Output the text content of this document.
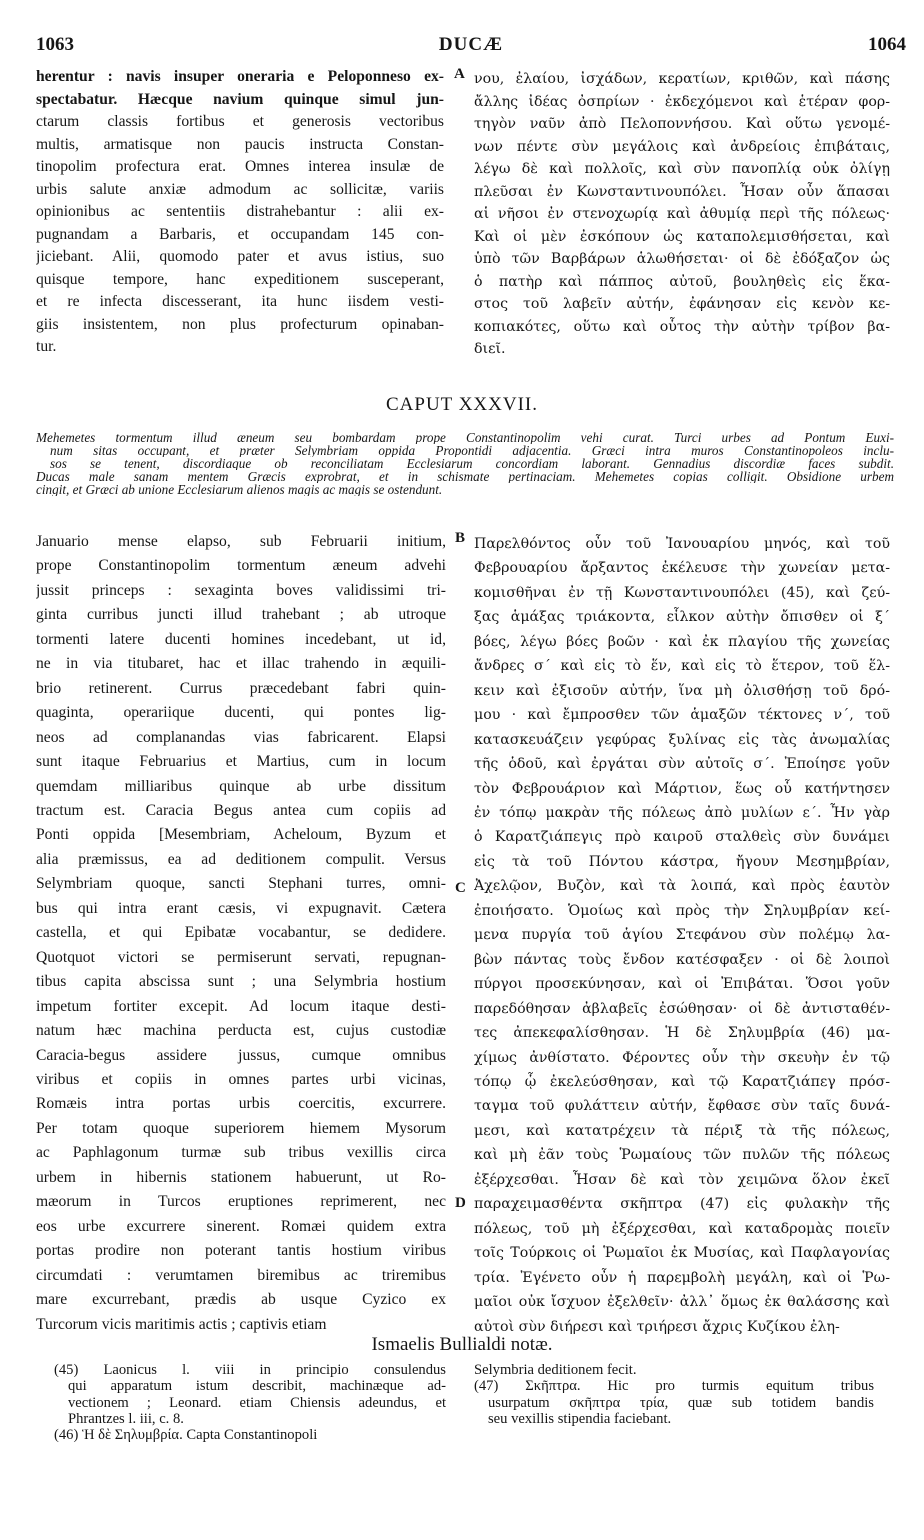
1063	DUCÆ	1064
herentur : navis insuper oneraria e Peloponneso ex-
spectabatur. Hæcque navium quinque simul jun-
ctarum classis fortibus et generosis vectoribus
multis, armatisque non paucis instructa Constan-
tinopolim profectura erat. Omnes interea insulæ de
urbis salute anxiæ admodum ac sollicitæ, variis
opinionibus ac sententiis distrahebantur : alii ex-
pugnandam a Barbaris, et occupandam 145 con-
jiciebant. Alii, quomodo pater et avus istius, suo
quisque tempore, hanc expeditionem susceperant,
et re infecta discesserant, ita hunc iisdem vesti-
giis insistentem, non plus profecturum opinaban-
tur.
A νου, ἐλαίου, ἰσχάδων, κερατίων, κριθῶν, καὶ πάσης
ἄλλης ἰδέας ὀσπρίων · ἐκδεχόμενοι καὶ ἑτέραν φορ-
τηγὸν ναῦν ἀπὸ Πελοποννήσου. Καὶ οὕτω γενομέ-
νων πέντε σὺν μεγάλοις καὶ ἀνδρείοις ἐπιβάταις,
λέγω δὲ καὶ πολλοῖς, καὶ σὺν πανοπλίᾳ οὐκ ὀλίγῃ
πλεῦσαι ἐν Κωνσταντινουπόλει. Ἦσαν οὖν ἅπασαι
αἱ νῆσοι ἐν στενοχωρίᾳ καὶ ἀθυμίᾳ περὶ τῆς πόλεως·
Καὶ οἱ μὲν ἐσκόπουν ὡς καταπολεμισθήσεται, καὶ
ὑπὸ τῶν Βαρβάρων ἁλωθήσεται· οἱ δὲ ἐδόξαζον ὡς
ὁ πατὴρ καὶ πάππος αὐτοῦ, βουληθεὶς εἰς ἕκα-
στος τοῦ λαβεῖν αὐτήν, ἐφάνησαν εἰς κενὸν κε-
κοπιακότες, οὕτω καὶ οὗτος τὴν αὐτὴν τρίβον βα-
διεῖ.
CAPUT XXXVII.
Mehemetes tormentum illud æneum seu bombardam prope Constantinopolim vehi curat. Turci urbes ad Pontum Euxi-
num sitas occupant, et præter Selymbriam oppida Propontidi adjacentia. Græci intra muros Constantinopoleos inclu-
sos se tenent, discordiaque ob reconciliatam Ecclesiarum concordiam laborant. Gennadius discordiæ faces subdit.
Ducas male sanam mentem Græcis exprobrat, et in schismate pertinaciam. Mehemetes copias colligit. Obsidione urbem
cingit, et Græci ab unione Ecclesiarum alienos magis ac magis se ostendunt.
Januario mense elapso, sub Februarii initium,
prope Constantinopolim tormentum æneum advehi
jussit princeps : sexaginta boves validissimi tri-
ginta curribus juncti illud trahebant ; ab utroque
tormenti latere ducenti homines incedebant, ut id,
ne in via titubaret, hac et illac trahendo in æquili-
brio retinerent. Currus præcedebant fabri quin-
quaginta, operariique ducenti, qui pontes lig-
neos ad complanandas vias fabricarent. Elapsi
sunt itaque Februarius et Martius, cum in locum
quemdam milliaribus quinque ab urbe dissitum
tractum est. Caracia Begus antea cum copiis ad
Ponti oppida [Mesembriam, Acheloum, Byzum et
alia præmissus, ea ad deditionem compulit. Versus
Selymbriam quoque, sancti Stephani turres, omni-
bus qui intra erant cæsis, vi expugnavit. Cætera
castella, et qui Epibatæ vocabantur, se dedidere.
Quotquot victori se permiserunt servati, repugnan-
tibus capita abscissa sunt ; una Selymbria hostium
impetum fortiter excepit. Ad locum itaque desti-
natum hæc machina perducta est, cujus custodiæ
Caracia-begus assidere jussus, cumque omnibus
viribus et copiis in omnes partes urbi vicinas,
Romæis intra portas urbis coercitis, excurrere.
Per totam quoque superiorem hiemem Mysorum
ac Paphlagonum turmæ sub tribus vexillis circa
urbem in hibernis stationem habuerunt, ut Ro-
mæorum in Turcos eruptiones reprimerent, nec
eos urbe excurrere sinerent. Romæi quidem extra
portas prodire non poterant tantis hostium viribus
circumdati : verumtamen biremibus ac triremibus
mare excurrebant, prædis ab usque Cyzico ex
Turcorum vicis maritimis actis ; captivis etiam
B
C
D
Παρελθόντος οὖν τοῦ Ἰανουαρίου μηνός, καὶ τοῦ
Φεβρουαρίου ἄρξαντος ἐκέλευσε τὴν χωνείαν μετα-
κομισθῆναι ἐν τῇ Κωνσταντινουπόλει (45), καὶ ζεύ-
ξας ἁμάξας τριάκοντα, εἷλκον αὐτὴν ὄπισθεν οἱ ξ΄
βόες, λέγω βόες βοῶν · καὶ ἐκ πλαγίου τῆς χωνείας
ἄνδρες σ΄ καὶ εἰς τὸ ἕν, καὶ εἰς τὸ ἕτερον, τοῦ ἕλ-
κειν καὶ ἐξισοῦν αὐτήν, ἵνα μὴ ὀλισθήσῃ τοῦ δρό-
μου · καὶ ἔμπροσθεν τῶν ἁμαξῶν τέκτονες ν΄, τοῦ
κατασκευάζειν γεφύρας ξυλίνας εἰς τὰς ἀνωμαλίας
τῆς ὁδοῦ, καὶ ἐργάται σὺν αὐτοῖς σ΄. Ἐποίησε γοῦν
τὸν Φεβρουάριον καὶ Μάρτιον, ἕως οὗ κατήντησεν
ἐν τόπῳ μακρὰν τῆς πόλεως ἀπὸ μυλίων ε΄. Ἦν γὰρ
ὁ Καρατζιάπεγις πρὸ καιροῦ σταλθεὶς σὺν δυνάμει
εἰς τὰ τοῦ Πόντου κάστρα, ἤγουν Μεσημβρίαν,
Ἀχελῷον, Βυζὸν, καὶ τὰ λοιπά, καὶ πρὸς ἑαυτὸν
ἐποιήσατο. Ὁμοίως καὶ πρὸς τὴν Σηλυμβρίαν κεί-
μενα πυργία τοῦ ἁγίου Στεφάνου σὺν πολέμῳ λα-
βὼν πάντας τοὺς ἔνδον κατέσφαξεν · οἱ δὲ λοιποὶ
πύργοι προσεκύνησαν, καὶ οἱ Ἐπιβάται. Ὅσοι γοῦν
παρεδόθησαν ἀβλαβεῖς ἐσώθησαν· οἱ δὲ ἀντισταθέν-
τες ἀπεκεφαλίσθησαν. Ἡ δὲ Σηλυμβρία (46) μα-
χίμως ἀνθίστατο. Φέροντες οὖν τὴν σκευὴν ἐν τῷ
τόπῳ ᾧ ἐκελεύσθησαν, καὶ τῷ Καρατζιάπεγ πρόσ-
ταγμα τοῦ φυλάττειν αὐτήν, ἔφθασε σὺν ταῖς δυνά-
μεσι, καὶ κατατρέχειν τὰ πέριξ τὰ τῆς πόλεως,
καὶ μὴ ἐᾶν τοὺς Ῥωμαίους τῶν πυλῶν τῆς πόλεως
ἐξέρχεσθαι. Ἦσαν δὲ καὶ τὸν χειμῶνα ὅλον ἐκεῖ
παραχειμασθέντα σκῆπτρα (47) εἰς φυλακὴν τῆς
πόλεως, τοῦ μὴ ἐξέρχεσθαι, καὶ καταδρομὰς ποιεῖν
τοῖς Τούρκοις οἱ Ῥωμαῖοι ἐκ Μυσίας, καὶ Παφλαγονίας
τρία. Ἐγένετο οὖν ἡ παρεμβολὴ μεγάλη, καὶ οἱ Ῥω-
μαῖοι οὐκ ἴσχυον ἐξελθεῖν· ἀλλ᾽ ὅμως ἐκ θαλάσσης καὶ
αὐτοὶ σὺν διήρεσι καὶ τριήρεσι ἄχρις Κυζίκου ἐλη-
Ismaelis Bullialdi notæ.
(45) Laonicus l. viii in principio consulendus
qui apparatum istum describit, machinæque ad-
vectionem ; Leonard. etiam Chiensis adeundus, et
Phrantzes l. iii, c. 8.
(46) Ἡ δὲ Σηλυμβρία. Capta Constantinopoli
Selymbria deditionem fecit.
(47) Σκῆπτρα. Hic pro turmis equitum tribus
usurpatum σκῆπτρα τρία, quæ sub totidem bandis
seu vexillis stipendia faciebant.
